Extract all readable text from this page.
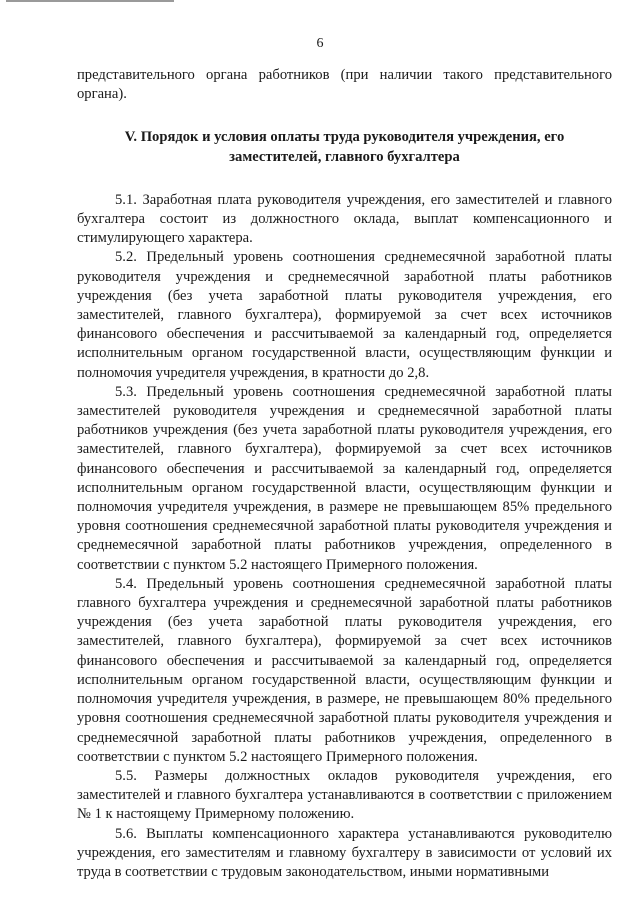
6

представительного органа работников (при наличии такого представительного органа).

V. Порядок и условия оплаты труда руководителя учреждения, его заместителей, главного бухгалтера

5.1. Заработная плата руководителя учреждения, его заместителей и главного бухгалтера состоит из должностного оклада, выплат компенсационного и стимулирующего характера.

5.2. Предельный уровень соотношения среднемесячной заработной платы руководителя учреждения и среднемесячной заработной платы работников учреждения (без учета заработной платы руководителя учреждения, его заместителей, главного бухгалтера), формируемой за счет всех источников финансового обеспечения и рассчитываемой за календарный год, определяется исполнительным органом государственной власти, осуществляющим функции и полномочия учредителя учреждения, в кратности до 2,8.

5.3. Предельный уровень соотношения среднемесячной заработной платы заместителей руководителя учреждения и среднемесячной заработной платы работников учреждения (без учета заработной платы руководителя учреждения, его заместителей, главного бухгалтера), формируемой за счет всех источников финансового обеспечения и рассчитываемой за календарный год, определяется исполнительным органом государственной власти, осуществляющим функции и полномочия учредителя учреждения, в размере не превышающем 85% предельного уровня соотношения среднемесячной заработной платы руководителя учреждения и среднемесячной заработной платы работников учреждения, определенного в соответствии с пунктом 5.2 настоящего Примерного положения.

5.4. Предельный уровень соотношения среднемесячной заработной платы главного бухгалтера учреждения и среднемесячной заработной платы работников учреждения (без учета заработной платы руководителя учреждения, его заместителей, главного бухгалтера), формируемой за счет всех источников финансового обеспечения и рассчитываемой за календарный год, определяется исполнительным органом государственной власти, осуществляющим функции и полномочия учредителя учреждения, в размере, не превышающем 80% предельного уровня соотношения среднемесячной заработной платы руководителя учреждения и среднемесячной заработной платы работников учреждения, определенного в соответствии с пунктом 5.2 настоящего Примерного положения.

5.5. Размеры должностных окладов руководителя учреждения, его заместителей и главного бухгалтера устанавливаются в соответствии с приложением № 1 к настоящему Примерному положению.

5.6. Выплаты компенсационного характера устанавливаются руководителю учреждения, его заместителям и главному бухгалтеру в зависимости от условий их труда в соответствии с трудовым законодательством, иными нормативными
